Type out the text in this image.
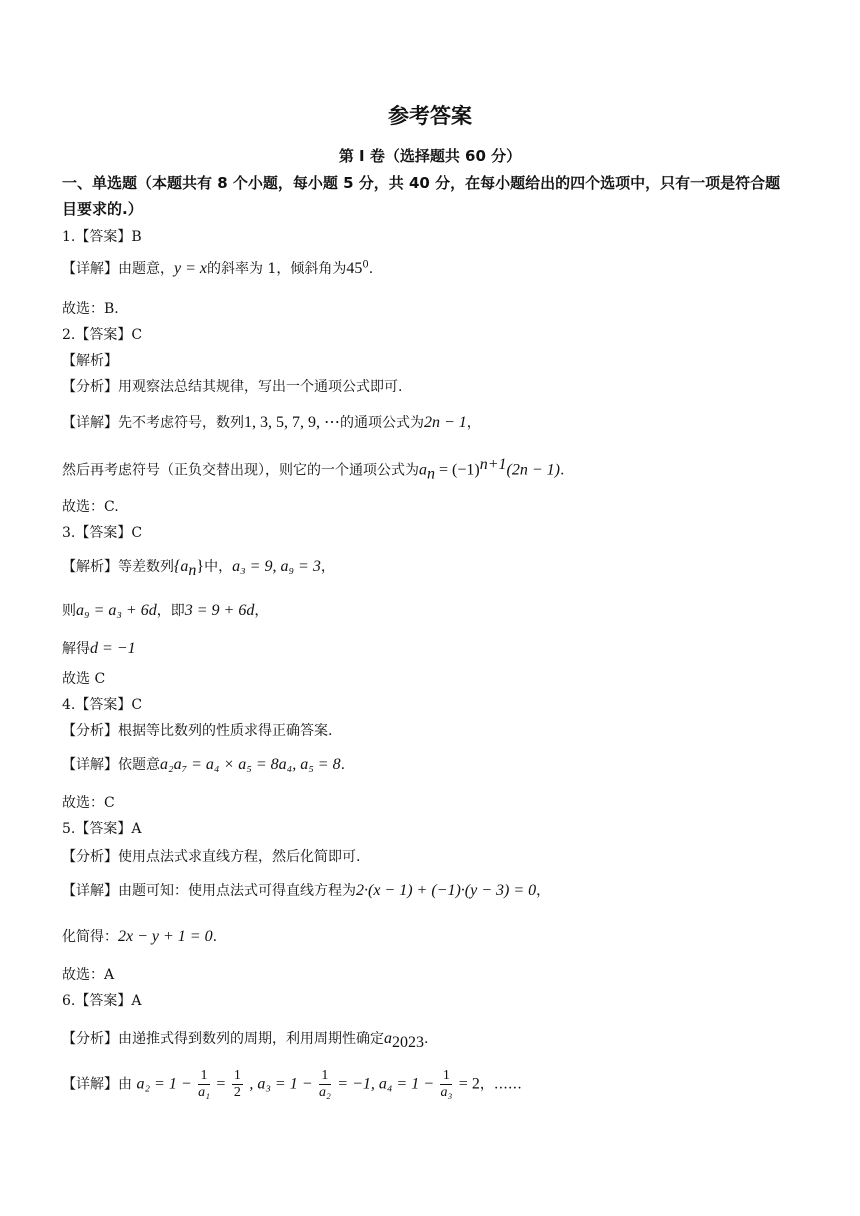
参考答案
第 I 卷（选择题共 60 分）
一、单选题（本题共有 8 个小题，每小题 5 分，共 40 分，在每小题给出的四个选项中，只有一项是符合题目要求的.）
1.【答案】B
【详解】由题意，y = x的斜率为 1，倾斜角为$45^0$.
故选：B.
2.【答案】C
【解析】
【分析】用观察法总结其规律，写出一个通项公式即可.
【详解】先不考虑符号，数列1, 3, 5, 7, 9, ⋯的通项公式为2n − 1，
然后再考虑符号（正负交替出现），则它的一个通项公式为$a_n = (-1)^{n+1}(2n - 1)$.
故选：C.
3.【答案】C
【解析】等差数列$\{a_n\}$中，a₃ = 9, a₉ = 3，
则a₉ = a₃ + 6d，即3 = 9 + 6d，
解得d = −1
故选 C
4.【答案】C
【分析】根据等比数列的性质求得正确答案.
【详解】依题意a₂a₇ = a₄ × a₅ = 8a₄, a₅ = 8.
故选：C
5.【答案】A
【分析】使用点法式求直线方程，然后化简即可.
【详解】由题可知：使用点法式可得直线方程为2·(x − 1) + (−1)·(y − 3) = 0，
化简得：2x − y + 1 = 0.
故选：A
6.【答案】A
【分析】由递推式得到数列的周期，利用周期性确定$a_{2023}$.
【详解】由 $a_2 = 1 - \frac{1}{\text{a₁}} = \frac{1}{2}$ , $a_3 = 1 - \frac{1}{\text{a₂}} = -1$, $a_4 = 1 - \frac{1}{\text{a₃}} = 2$，……
